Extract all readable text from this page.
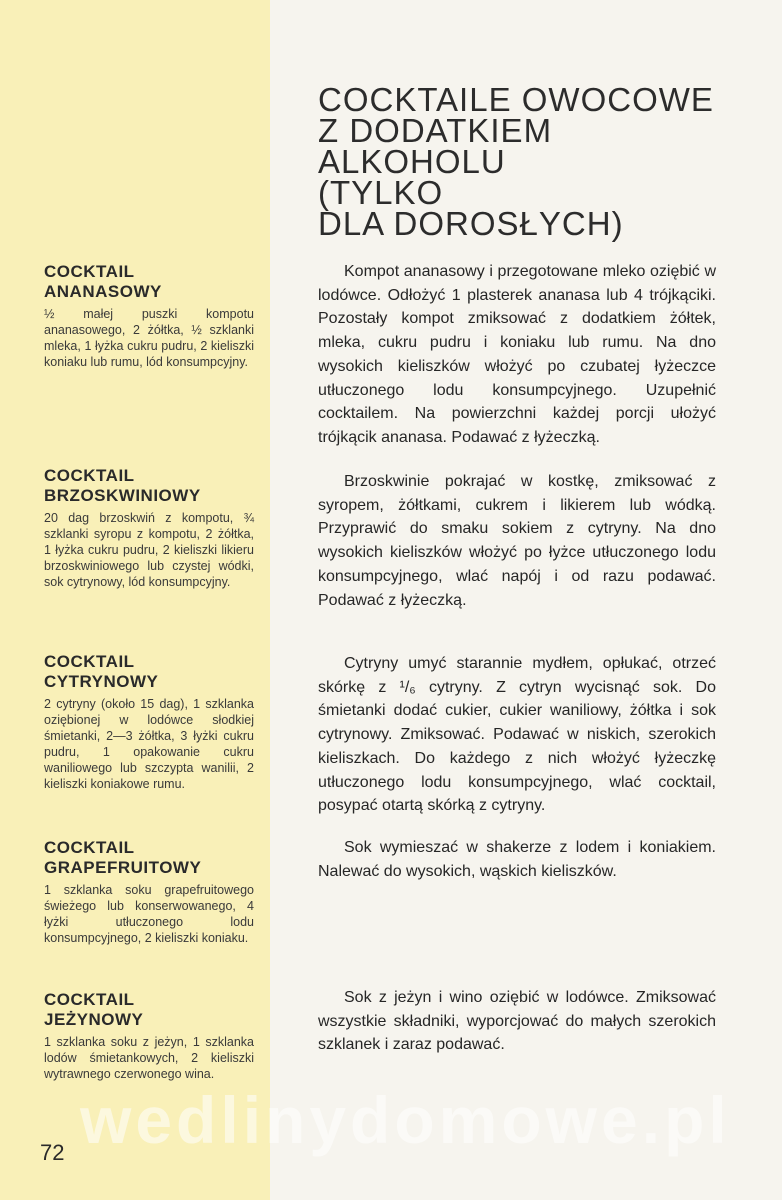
COCKTAILE OWOCOWE
Z DODATKIEM
ALKOHOLU
(TYLKO
DLA DOROSŁYCH)
COCKTAIL
ANANASOWY
½ małej puszki kompotu ananasowego, 2 żółtka, ½ szklanki mleka, 1 łyżka cukru pudru, 2 kieliszki koniaku lub rumu, lód konsumpcyjny.
COCKTAIL
BRZOSKWINIOWY
20 dag brzoskwiń z kompotu, ¾ szklanki syropu z kompotu, 2 żółtka, 1 łyżka cukru pudru, 2 kieliszki likieru brzoskwiniowego lub czystej wódki, sok cytrynowy, lód konsumpcyjny.
COCKTAIL
CYTRYNOWY
2 cytryny (około 15 dag), 1 szklanka oziębionej w lodówce słodkiej śmietanki, 2—3 żółtka, 3 łyżki cukru pudru, 1 opakowanie cukru waniliowego lub szczypta wanilii, 2 kieliszki koniakowe rumu.
COCKTAIL
GRAPEFRUITOWY
1 szklanka soku grapefruitowego świeżego lub konserwowanego, 4 łyżki utłuczonego lodu konsumpcyjnego, 2 kieliszki koniaku.
COCKTAIL
JEŻYNOWY
1 szklanka soku z jeżyn, 1 szklanka lodów śmietankowych, 2 kieliszki wytrawnego czerwonego wina.

Kompot ananasowy i przegotowane mleko oziębić w lodówce. Odłożyć 1 plasterek ananasa lub 4 trójkąciki. Pozostały kompot zmiksować z dodatkiem żółtek, mleka, cukru pudru i koniaku lub rumu. Na dno wysokich kieliszków włożyć po czubatej łyżeczce utłuczonego lodu konsumpcyjnego. Uzupełnić cocktailem. Na powierzchni każdej porcji ułożyć trójkącik ananasa. Podawać z łyżeczką.

Brzoskwinie pokrajać w kostkę, zmiksować z syropem, żółtkami, cukrem i likierem lub wódką. Przyprawić do smaku sokiem z cytryny. Na dno wysokich kieliszków włożyć po łyżce utłuczonego lodu konsumpcyjnego, wlać napój i od razu podawać. Podawać z łyżeczką.

Cytryny umyć starannie mydłem, opłukać, otrzeć skórkę z ¹/₆ cytryny. Z cytryn wycisnąć sok. Do śmietanki dodać cukier, cukier waniliowy, żółtka i sok cytrynowy. Zmiksować. Podawać w niskich, szerokich kieliszkach. Do każdego z nich włożyć łyżeczkę utłuczonego lodu konsumpcyjnego, wlać cocktail, posypać otartą skórką z cytryny.

Sok wymieszać w shakerze z lodem i koniakiem. Nalewać do wysokich, wąskich kieliszków.

Sok z jeżyn i wino oziębić w lodówce. Zmiksować wszystkie składniki, wyporcjować do małych szerokich szklanek i zaraz podawać.

wedlinydomowe.pl
72
